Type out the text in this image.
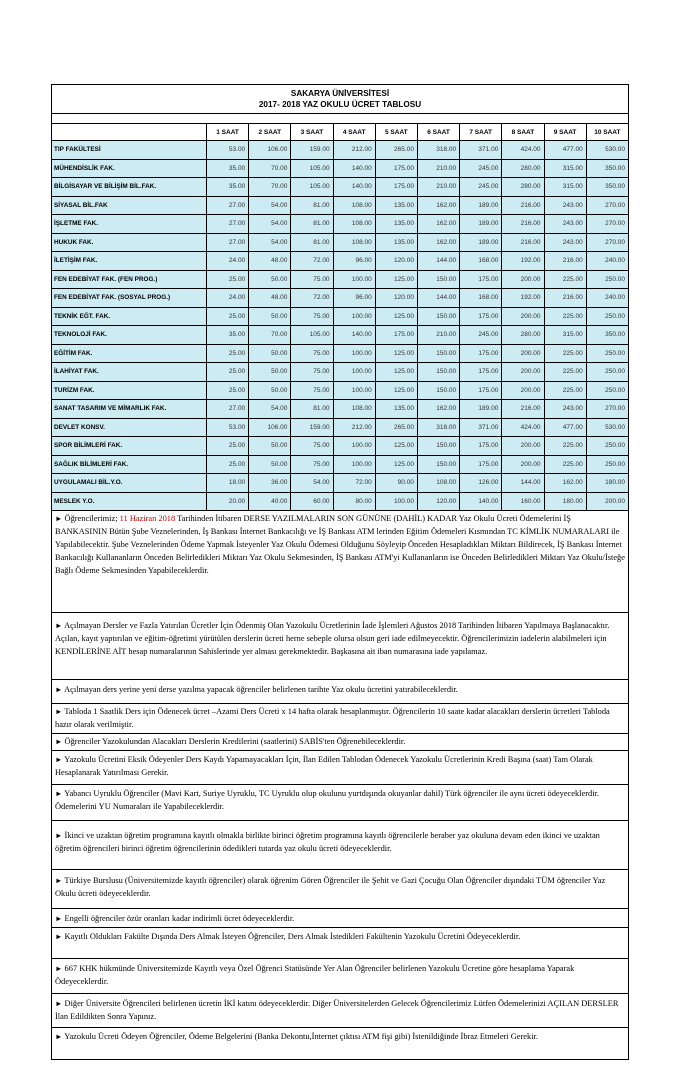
SAKARYA ÜNİVERSİTESİ
2017- 2018 YAZ OKULU ÜCRET TABLOSU										

	1 SAAT	2 SAAT	3 SAAT	4 SAAT	5 SAAT	6 SAAT	7 SAAT	8 SAAT	9 SAAT	10 SAAT
TIP FAKÜLTESİ	53.00	106.00	159.00	212.00	265.00	318.00	371.00	424.00	477.00	530.00
MÜHENDİSLİK FAK.	35.00	70.00	105.00	140.00	175.00	210.00	245.00	280.00	315.00	350.00
BİLGİSAYAR VE BİLİŞİM BİL.FAK.	35.00	70.00	105.00	140.00	175.00	210.00	245.00	280.00	315.00	350.00
SİYASAL BİL.FAK	27.00	54.00	81.00	108.00	135.00	162.00	189.00	216.00	243.00	270.00
İŞLETME FAK.	27.00	54.00	81.00	108.00	135.00	162.00	189.00	216.00	243.00	270.00
HUKUK FAK.	27.00	54.00	81.00	108.00	135.00	162.00	189.00	216.00	243.00	270.00
İLETİŞİM FAK.	24.00	48.00	72.00	96.00	120.00	144.00	168.00	192.00	216.00	240.00
FEN EDEBİYAT FAK. (FEN PROG.)	25.00	50.00	75.00	100.00	125.00	150.00	175.00	200.00	225.00	250.00
FEN EDEBİYAT FAK. (SOSYAL PROG.)	24.00	48.00	72.00	96.00	120.00	144.00	168.00	192.00	216.00	240.00
TEKNİK EĞT. FAK.	25.00	50.00	75.00	100.00	125.00	150.00	175.00	200.00	225.00	250.00
TEKNOLOJİ FAK.	35.00	70.00	105.00	140.00	175.00	210.00	245.00	280.00	315.00	350.00
EĞİTİM FAK.	25.00	50.00	75.00	100.00	125.00	150.00	175.00	200.00	225.00	250.00
İLAHİYAT FAK.	25.00	50.00	75.00	100.00	125.00	150.00	175.00	200.00	225.00	250.00
TURİZM FAK.	25.00	50.00	75.00	100.00	125.00	150.00	175.00	200.00	225.00	250.00
SANAT TASARIM VE MİMARLIK FAK.	27.00	54.00	81.00	108.00	135.00	162.00	189.00	216.00	243.00	270.00
DEVLET KONSV.	53.00	106.00	159.00	212.00	265.00	318.00	371.00	424.00	477.00	530.00
SPOR BİLİMLERİ FAK.	25.00	50.00	75.00	100.00	125.00	150.00	175.00	200.00	225.00	250.00
SAĞLIK BİLİMLERİ FAK.	25.00	50.00	75.00	100.00	125.00	150.00	175.00	200.00	225.00	250.00
UYGULAMALI BİL.Y.O.	18.00	36.00	54.00	72.00	90.00	108.00	126.00	144.00	162.00	180.00
MESLEK Y.O.	20.00	40.00	60.00	80.00	100.00	120.00	140.00	160.00	180.00	200.00
► Öğrencilerimiz; 11 Haziran 2018 Tarihinden İtibaren DERSE YAZILMALARIN SON GÜNÜNE (DAHİL) KADAR Yaz Okulu Ücreti Ödemelerini İŞ BANKASININ Bütün Şube Veznelerinden, İş Bankası İnternet Bankacılığı ve İŞ Bankası ATM lerinden Eğitim Ödemeleri Kısmından TC KİMLİK NUMARALARI ile Yapılabilecektir. Şube Veznelerinden Ödeme Yapmak İsteyenler Yaz Okulu Ödemesi Olduğunu Söyleyip Önceden Hesapladıkları Miktarı Bildirecek, İŞ Bankası İnternet Bankacılığı Kullananların Önceden Belirledikleri Miktarı Yaz Okulu Sekmesinden, İŞ Bankası ATM'yi Kullananların ise Önceden Belirledikleri Miktarı Yaz Okulu/İsteğe Bağlı Ödeme Sekmesinden Yapabileceklerdir.
► Açılmayan Dersler ve Fazla Yatırılan Ücretler İçin Ödenmiş Olan Yazokulu Ücretlerinin İade İşlemleri Ağustos 2018 Tarihinden İtibaren Yapılmaya Başlanacaktır. Açılan, kayıt yaptırılan ve eğitim-öğretimi yürütülen derslerin ücreti herne sebeple olursa olsun geri iade edilmeyecektir. Öğrencilerimizin iadelerin alabilmeleri için KENDİLERİNE AİT hesap numaralarının Sahislerinde yer alması gerekmektedir. Başkasına ait iban numarasına iade yapılamaz.
► Açılmayan ders yerine yeni derse yazılma yapacak öğrenciler belirlenen tarihte Yaz okulu ücretini yatırabileceklerdir.
► Tabloda 1 Saatlik Ders için Ödenecek ücret –Azami Ders Ücreti x 14 hafta olarak hesaplanmıştır. Öğrencilerin 10 saate kadar alacakları derslerin ücretleri Tabloda hazır olarak verilmiştir.
► Öğrenciler Yazokulundan Alacakları Derslerin Kredilerini (saatlerini) SABİS'ten Öğrenebileceklerdir.
► Yazokulu Ücretini Eksik Ödeyenler Ders Kaydı Yapamayacakları İçin, İlan Edilen Tablodan Ödenecek Yazokulu Ücretlerinin Kredi Başına (saat) Tam Olarak Hesaplanarak Yatırılması Gerekir.
► Yabancı Uyruklu Öğrenciler (Mavi Kart, Suriye Uyruklu, TC Uyruklu olup okulunu yurtdışında okuyanlar dahil) Türk öğrenciler ile aynı ücreti ödeyeceklerdir. Ödemelerini YU Numaraları ile Yapabileceklerdir.
► İkinci ve uzaktan öğretim programına kayıtlı olmakla birlikte birinci öğretim programına kayıtlı öğrencilerle beraber yaz okuluna devam eden ikinci ve uzaktan öğretim öğrencileri birinci öğretim öğrencilerinin ödedikleri tutarda yaz okulu ücreti ödeyeceklerdir.
► Türkiye Burslusu (Üniversitemizde kayıtlı öğrenciler) olarak öğrenim Gören Öğrenciler ile Şehit ve Gazi Çocuğu Olan Öğrenciler dışındaki TÜM öğrenciler Yaz Okulu ücreti ödeyeceklerdir.
► Engelli öğrenciler özür oranları kadar indirimli ücret ödeyeceklerdir.
► Kayıtlı Oldukları Fakülte Dışında Ders Almak İsteyen Öğrenciler, Ders Almak İstedikleri Fakültenin Yazokulu Ücretini Ödeyeceklerdir.
► 667 KHK hükmünde Üniversitemizde Kayıtlı veya Özel Öğrenci Statüsünde Yer Alan Öğrenciler belirlenen Yazokulu Ücretine göre hesaplama Yaparak Ödeyeceklerdir.
► Diğer Üniversite Öğrencileri belirlenen ücretin İKİ katını ödeyeceklerdir. Diğer Üniversitelerden Gelecek Öğrencilerimiz Lütfen Ödemelerinizi AÇILAN DERSLER İlan Edildikten Sonra Yapınız.
► Yazokulu Ücreti Ödeyen Öğrenciler, Ödeme Belgelerini (Banka Dekontu,İnternet çıktısı ATM fişi gibi) İstenildiğinde İbraz Etmeleri Gerekir.
